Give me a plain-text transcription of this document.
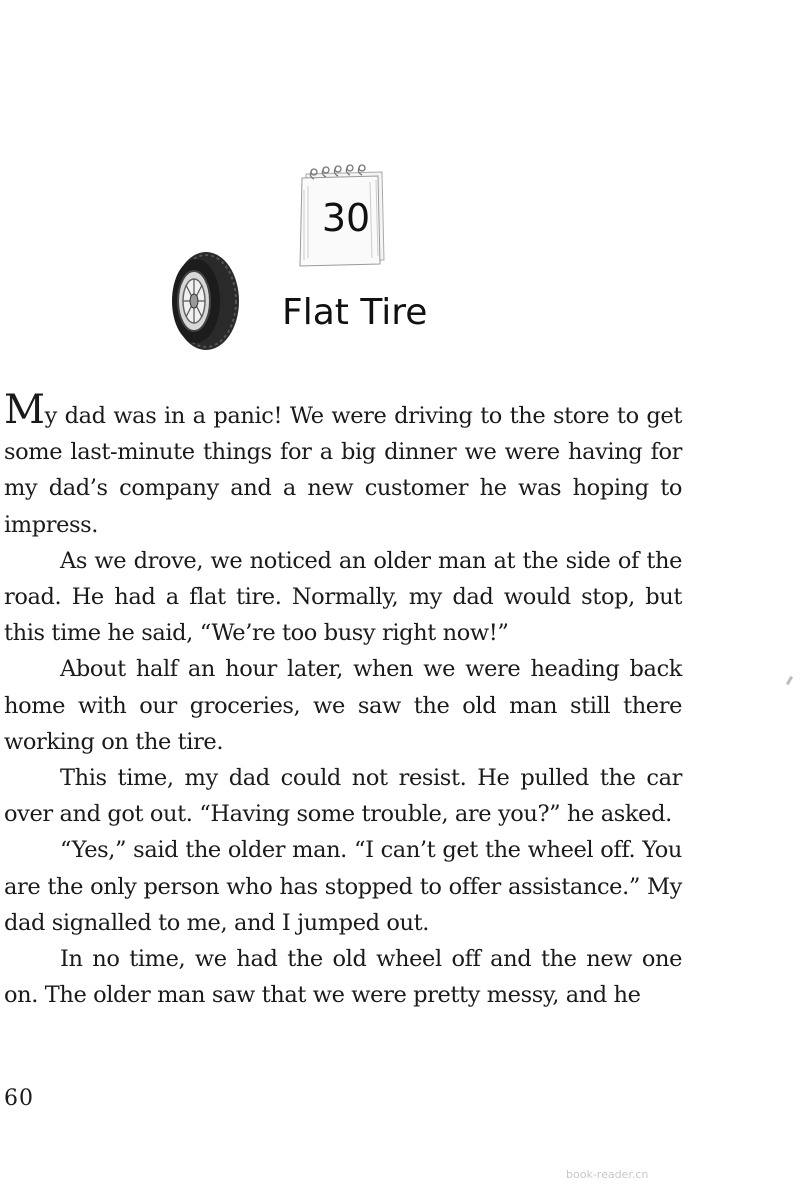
30
Flat Tire

My dad was in a panic! We were driving to the store to get some last-minute things for a big dinner we were having for my dad’s company and a new customer he was hoping to impress.

As we drove, we noticed an older man at the side of the road. He had a flat tire. Normally, my dad would stop, but this time he said, “We’re too busy right now!”

About half an hour later, when we were heading back home with our groceries, we saw the old man still there working on the tire.

This time, my dad could not resist. He pulled the car over and got out. “Having some trouble, are you?” he asked.

“Yes,” said the older man. “I can’t get the wheel off. You are the only person who has stopped to offer assistance.” My dad signalled to me, and I jumped out.

In no time, we had the old wheel off and the new one on. The older man saw that we were pretty messy, and he

60
book-reader.cn
